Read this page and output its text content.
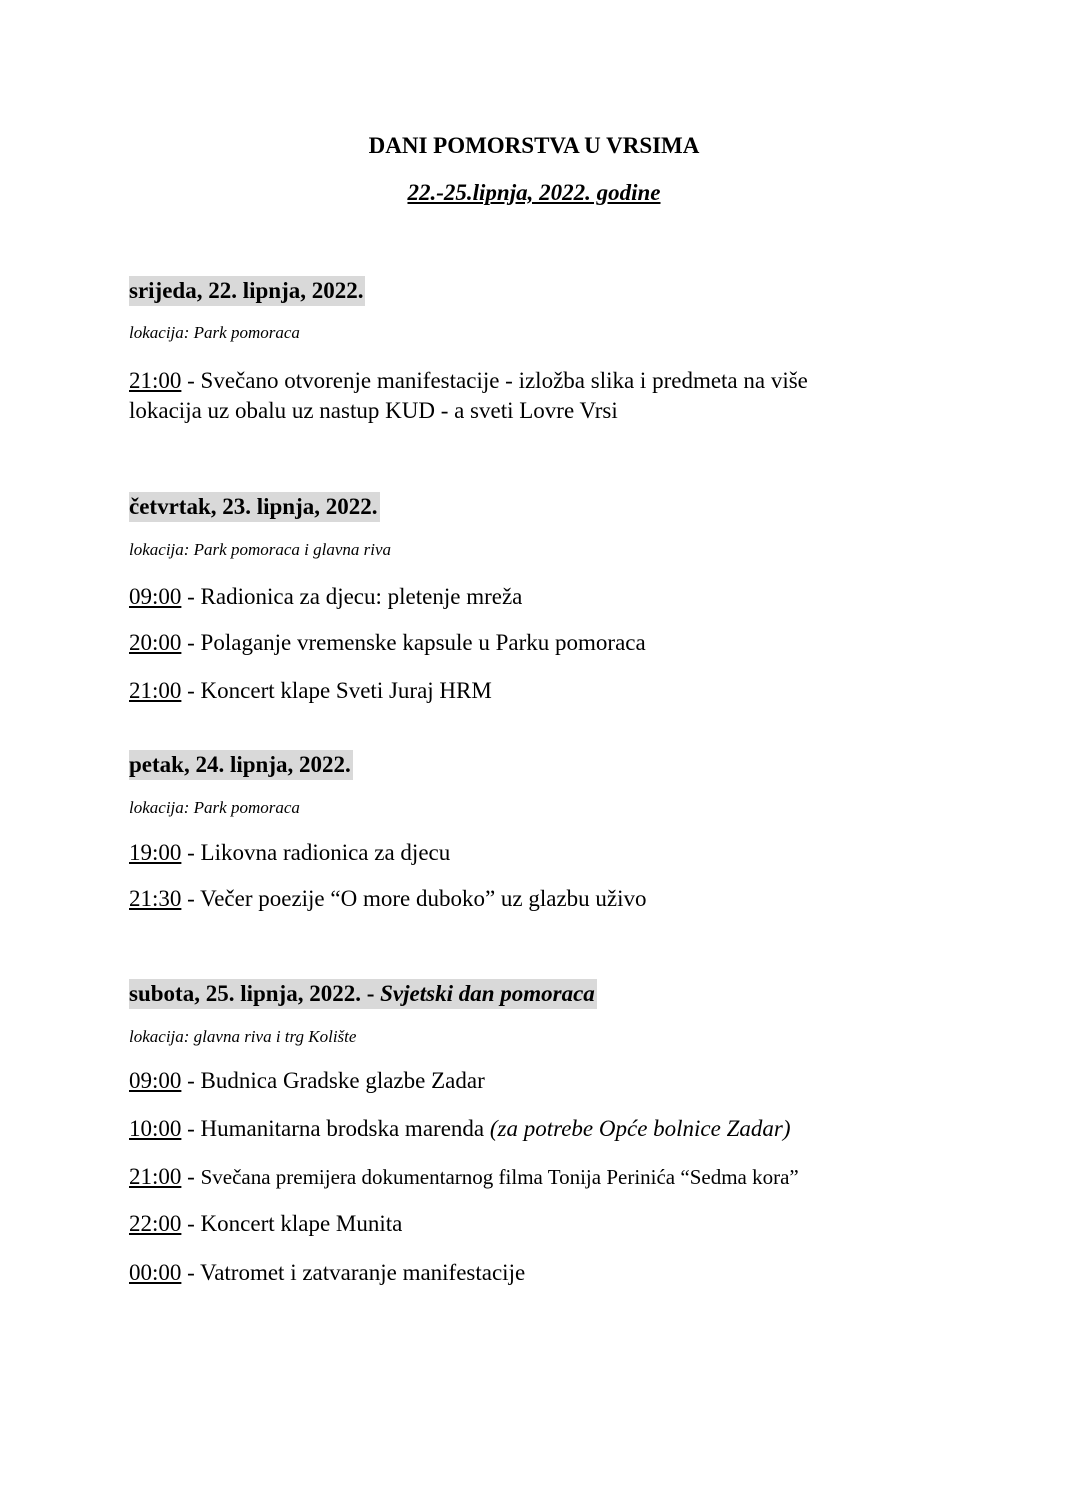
DANI POMORSTVA U VRSIMA
22.-25.lipnja, 2022. godine
srijeda, 22. lipnja, 2022.

lokacija: Park pomoraca

21:00 - Svečano otvorenje manifestacije - izložba slika i predmeta na više
lokacija uz obalu uz nastup KUD - a sveti Lovre Vrsi

četvrtak, 23. lipnja, 2022.

lokacija: Park pomoraca i glavna riva

09:00 - Radionica za djecu: pletenje mreža

20:00 - Polaganje vremenske kapsule u Parku pomoraca

21:00 - Koncert klape Sveti Juraj HRM

petak, 24. lipnja, 2022.

lokacija: Park pomoraca

19:00 - Likovna radionica za djecu

21:30 - Večer poezije “O more duboko” uz glazbu uživo

subota, 25. lipnja, 2022. - Svjetski dan pomoraca

lokacija: glavna riva i trg Kolište

09:00 - Budnica Gradske glazbe Zadar

10:00 - Humanitarna brodska marenda (za potrebe Opće bolnice Zadar)

21:00 - Svečana premijera dokumentarnog filma Tonija Perinića “Sedma kora”

22:00 - Koncert klape Munita

00:00 - Vatromet i zatvaranje manifestacije
